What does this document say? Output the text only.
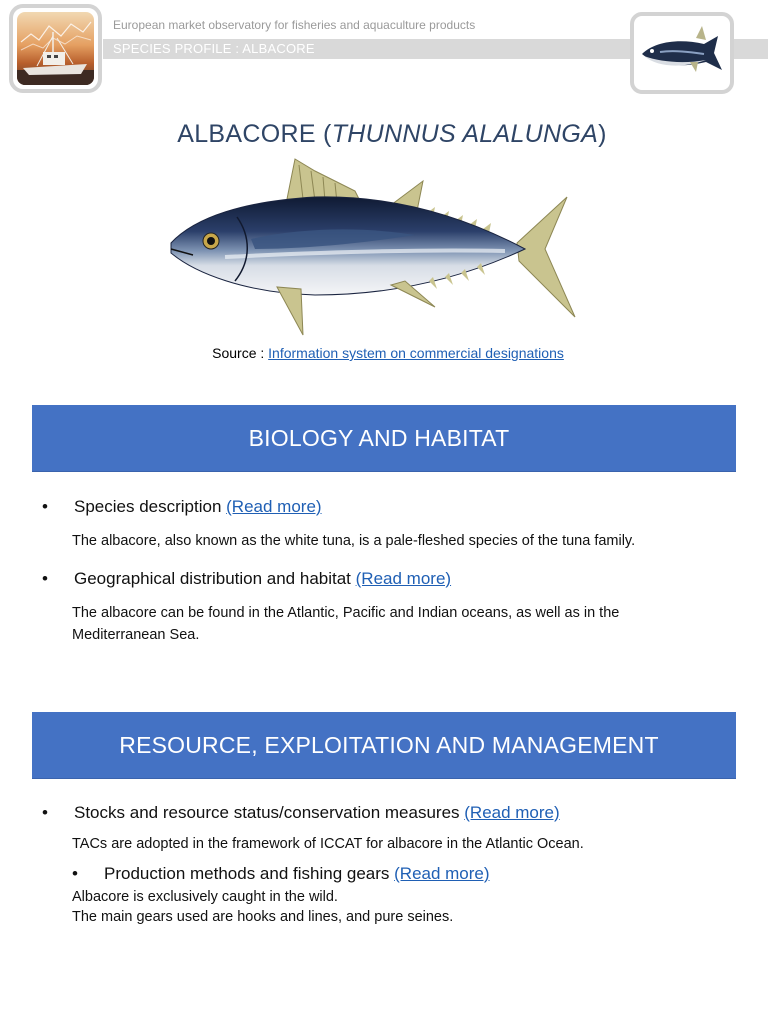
European market observatory for fisheries and aquaculture products
SPECIES PROFILE : ALBACORE
ALBACORE (THUNNUS ALALUNGA)
Source : Information system on commercial designations
BIOLOGY AND HABITAT
• Species description (Read more)
The albacore, also known as the white tuna, is a pale-fleshed species of the tuna family.
• Geographical distribution and habitat (Read more)
The albacore can be found in the Atlantic, Pacific and Indian oceans, as well as in the Mediterranean Sea.
RESOURCE, EXPLOITATION AND MANAGEMENT
• Stocks and resource status/conservation measures (Read more)
TACs are adopted in the framework of ICCAT for albacore in the Atlantic Ocean.
• Production methods and fishing gears (Read more)
Albacore is exclusively caught in the wild.
The main gears used are hooks and lines, and pure seines.
